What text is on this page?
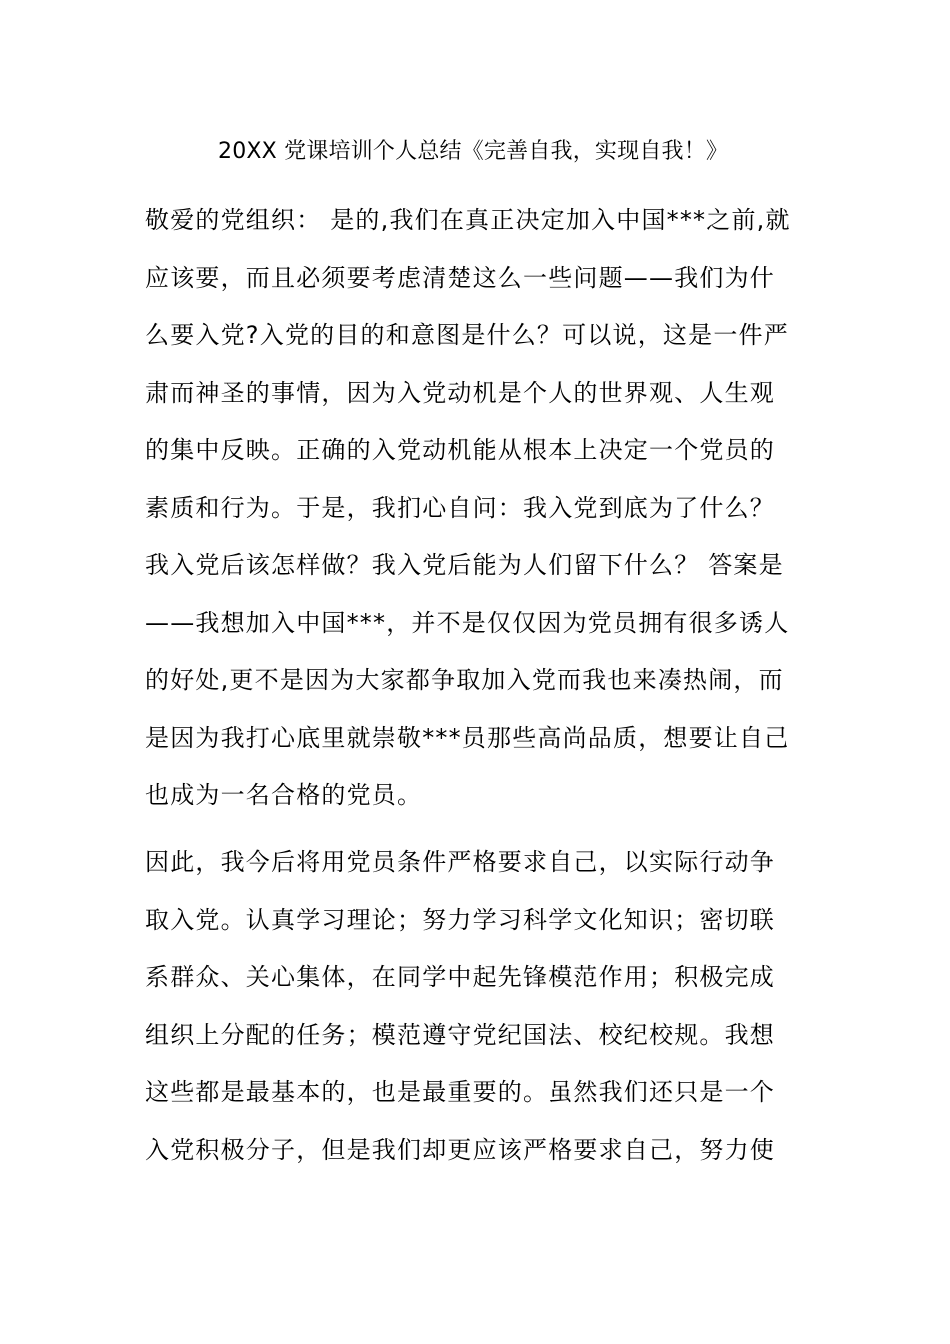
20XX 党课培训个人总结《完善自我，实现自我！》
敬爱的党组织： 是的,我们在真正决定加入中国***之前,就
应该要，而且必须要考虑清楚这么一些问题——我们为什
么要入党?入党的目的和意图是什么？可以说，这是一件严
肃而神圣的事情，因为入党动机是个人的世界观、人生观
的集中反映。正确的入党动机能从根本上决定一个党员的
素质和行为。于是，我扪心自问：我入党到底为了什么？
我入党后该怎样做？我入党后能为人们留下什么？ 答案是
——我想加入中国***，并不是仅仅因为党员拥有很多诱人
的好处,更不是因为大家都争取加入党而我也来凑热闹，而
是因为我打心底里就崇敬***员那些高尚品质，想要让自己
也成为一名合格的党员。
因此，我今后将用党员条件严格要求自己，以实际行动争
取入党。认真学习理论；努力学习科学文化知识；密切联
系群众、关心集体，在同学中起先锋模范作用；积极完成
组织上分配的任务；模范遵守党纪国法、校纪校规。我想
这些都是最基本的，也是最重要的。虽然我们还只是一个
入党积极分子，但是我们却更应该严格要求自己，努力使
